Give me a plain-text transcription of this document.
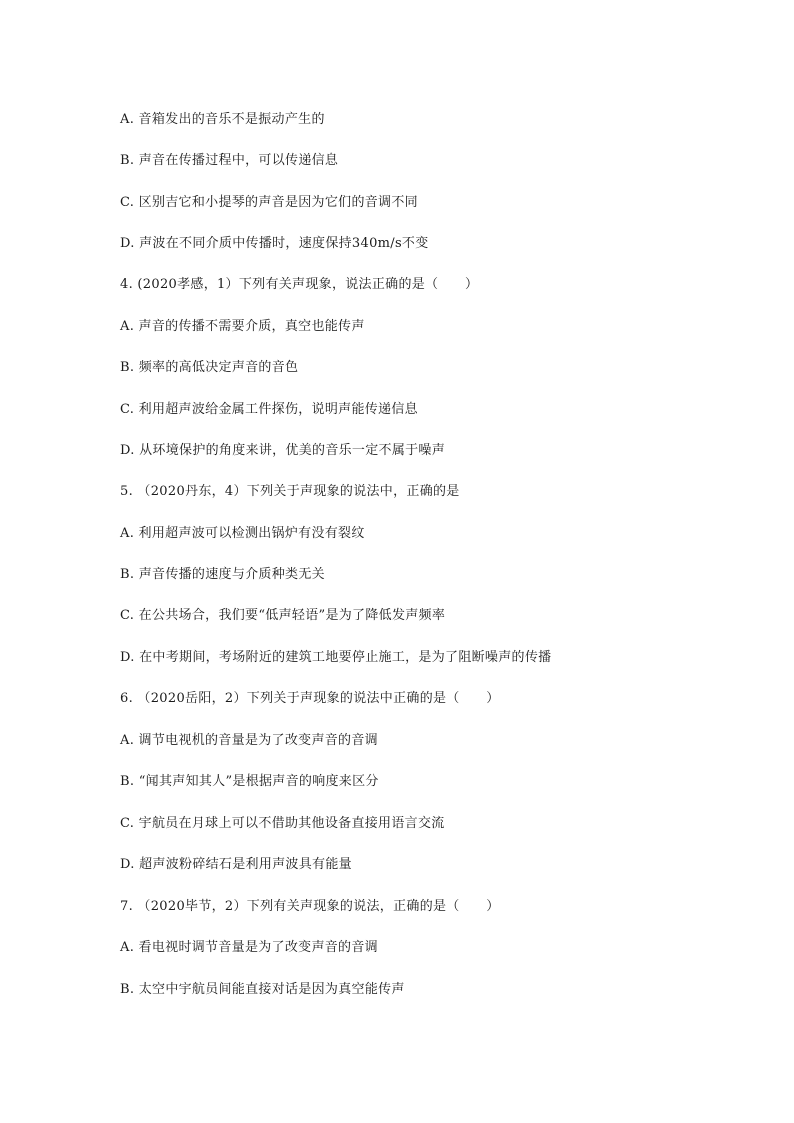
A. 音箱发出的音乐不是振动产生的
B. 声音在传播过程中，可以传递信息
C. 区别吉它和小提琴的声音是因为它们的音调不同
D. 声波在不同介质中传播时，速度保持340m/s不变
4. (2020孝感，1）下列有关声现象，说法正确的是（　　）
A. 声音的传播不需要介质，真空也能传声
B. 频率的高低决定声音的音色
C. 利用超声波给金属工件探伤，说明声能传递信息
D. 从环境保护的角度来讲，优美的音乐一定不属于噪声
5. （2020丹东，4）下列关于声现象的说法中，正确的是
A. 利用超声波可以检测出锅炉有没有裂纹
B. 声音传播的速度与介质种类无关
C. 在公共场合，我们要“低声轻语”是为了降低发声频率
D. 在中考期间，考场附近的建筑工地要停止施工，是为了阻断噪声的传播
6. （2020岳阳，2）下列关于声现象的说法中正确的是（　　）
A. 调节电视机的音量是为了改变声音的音调
B. “闻其声知其人”是根据声音的响度来区分
C. 宇航员在月球上可以不借助其他设备直接用语言交流
D. 超声波粉碎结石是利用声波具有能量
7. （2020毕节，2）下列有关声现象的说法，正确的是（　　）
A. 看电视时调节音量是为了改变声音的音调
B. 太空中宇航员间能直接对话是因为真空能传声
